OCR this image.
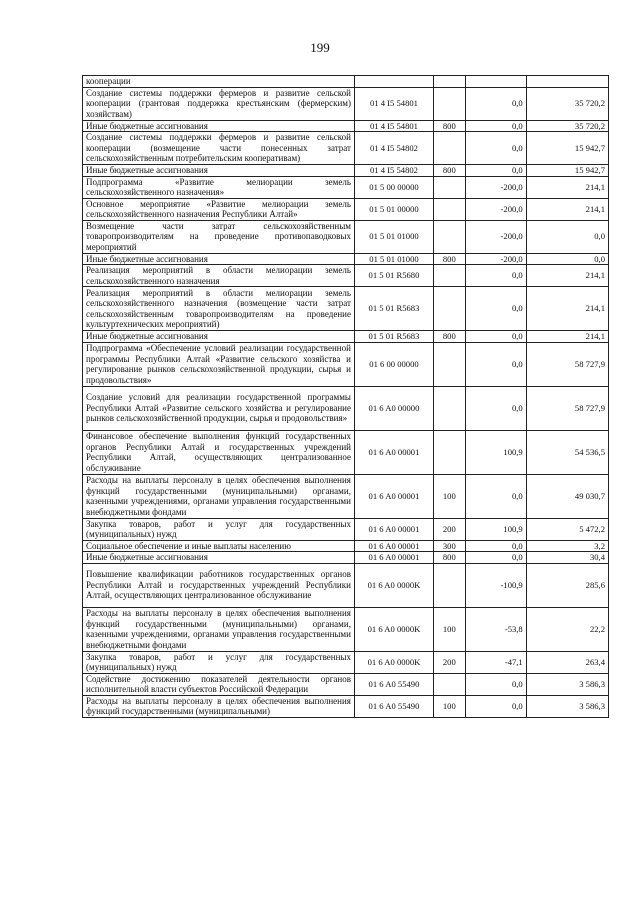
199
кооперации				
Создание системы поддержки фермеров и развитие сельской кооперации (грантовая поддержка крестьянским (фермерским) хозяйствам)	01 4 I5 54801		0,0	35 720,2
Иные бюджетные ассигнования	01 4 I5 54801	800	0,0	35 720,2
Создание системы поддержки фермеров и развитие сельской кооперации (возмещение части понесенных затрат сельскохозяйственным потребительским кооперативам)	01 4 I5 54802		0,0	15 942,7
Иные бюджетные ассигнования	01 4 I5 54802	800	0,0	15 942,7
Подпрограмма «Развитие мелиорации земель сельскохозяйственного назначения»	01 5 00 00000		-200,0	214,1
Основное мероприятие «Развитие мелиорации земель сельскохозяйственного назначения Республики Алтай»	01 5 01 00000		-200,0	214,1
Возмещение части затрат сельскохозяйственным товаропроизводителям на проведение противопаводковых мероприятий	01 5 01 01000		-200,0	0,0
Иные бюджетные ассигнования	01 5 01 01000	800	-200,0	0,0
Реализация мероприятий в области мелиорации земель сельскохозяйственного назначения	01 5 01 R5680		0,0	214,1
Реализация мероприятий в области мелиорации земель сельскохозяйственного назначения (возмещение части затрат сельскохозяйственным товаропроизводителям на проведение культуртехнических мероприятий)	01 5 01 R5683		0,0	214,1
Иные бюджетные ассигнования	01 5 01 R5683	800	0,0	214,1
Подпрограмма «Обеспечение условий реализации государственной программы Республики Алтай «Развитие сельского хозяйства и регулирование рынков сельскохозяйственной продукции, сырья и продовольствия»	01 6 00 00000		0,0	58 727,9
Создание условий для реализации государственной программы Республики Алтай «Развитие сельского хозяйства и регулирование рынков сельскохозяйственной продукции, сырья и продовольствия»	01 6 A0 00000		0,0	58 727,9
Финансовое обеспечение выполнения функций государственных органов Республики Алтай и государственных учреждений Республики Алтай, осуществляющих централизованное обслуживание	01 6 A0 00001		100,9	54 536,5
Расходы на выплаты персоналу в целях обеспечения выполнения функций государственными (муниципальными) органами, казенными учреждениями, органами управления государственными внебюджетными фондами	01 6 A0 00001	100	0,0	49 030,7
Закупка товаров, работ и услуг для государственных (муниципальных) нужд	01 6 A0 00001	200	100,9	5 472,2
Социальное обеспечение и иные выплаты населению	01 6 A0 00001	300	0,0	3,2
Иные бюджетные ассигнования	01 6 A0 00001	800	0,0	30,4
Повышение квалификации работников государственных органов Республики Алтай и государственных учреждений Республики Алтай, осуществляющих централизованное обслуживание	01 6 A0 0000K		-100,9	285,6
Расходы на выплаты персоналу в целях обеспечения выполнения функций государственными (муниципальными) органами, казенными учреждениями, органами управления государственными внебюджетными фондами	01 6 A0 0000K	100	-53,8	22,2
Закупка товаров, работ и услуг для государственных (муниципальных) нужд	01 6 A0 0000K	200	-47,1	263,4
Содействие достижению показателей деятельности органов исполнительной власти субъектов Российской Федерации	01 6 A0 55490		0,0	3 586,3
Расходы на выплаты персоналу в целях обеспечения выполнения функций государственными (муниципальными)	01 6 A0 55490	100	0,0	3 586,3
